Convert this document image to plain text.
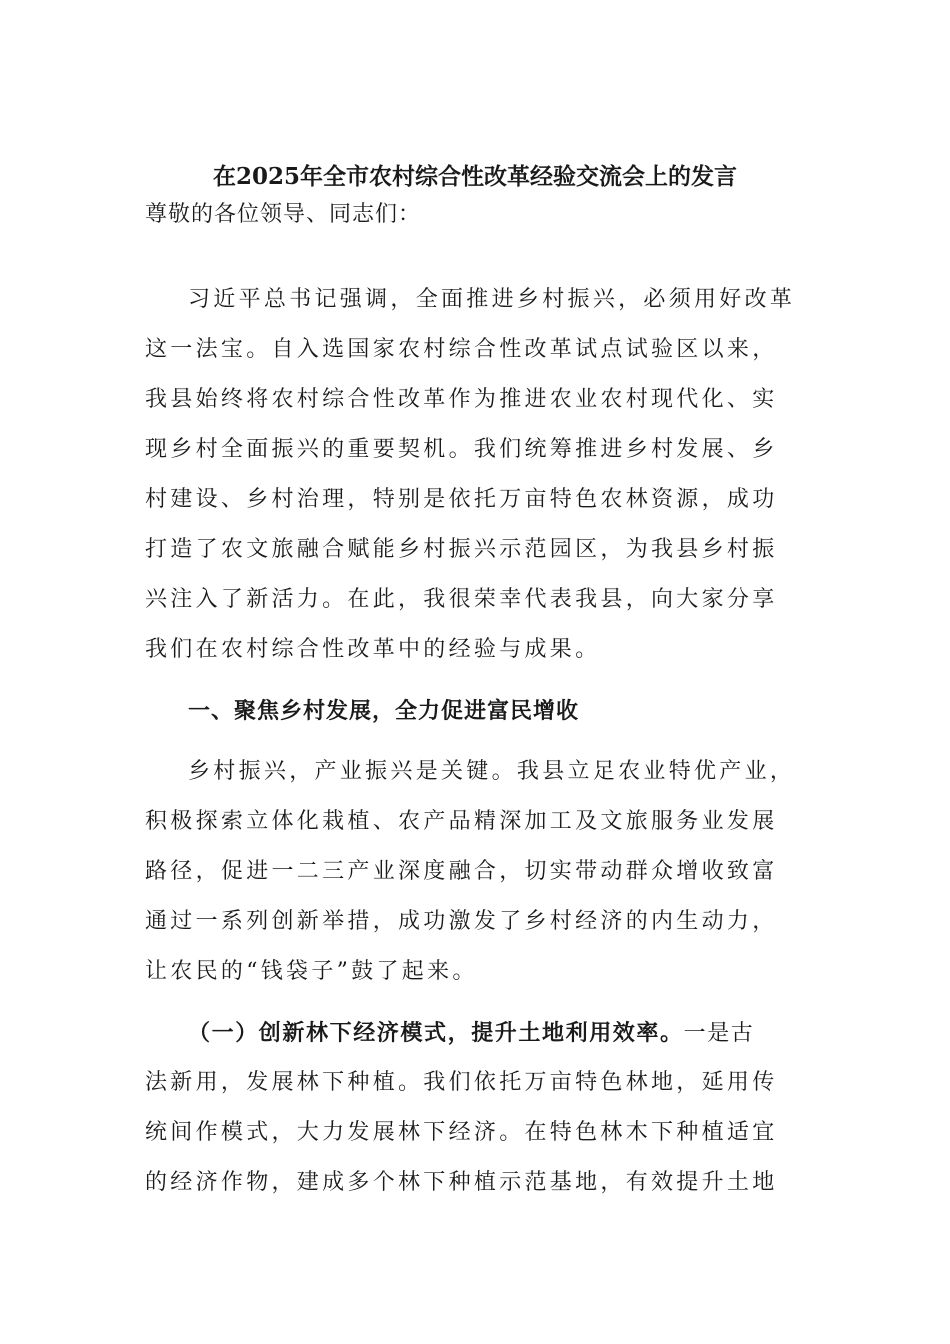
在2025年全市农村综合性改革经验交流会上的发言
尊敬的各位领导、同志们：
习近平总书记强调，全面推进乡村振兴，必须用好改革
这一法宝。自入选国家农村综合性改革试点试验区以来，
我县始终将农村综合性改革作为推进农业农村现代化、实
现乡村全面振兴的重要契机。我们统筹推进乡村发展、乡
村建设、乡村治理，特别是依托万亩特色农林资源，成功
打造了农文旅融合赋能乡村振兴示范园区，为我县乡村振
兴注入了新活力。在此，我很荣幸代表我县，向大家分享
我们在农村综合性改革中的经验与成果。
一、聚焦乡村发展，全力促进富民增收
乡村振兴，产业振兴是关键。我县立足农业特优产业，
积极探索立体化栽植、农产品精深加工及文旅服务业发展
路径，促进一二三产业深度融合，切实带动群众增收致富
通过一系列创新举措，成功激发了乡村经济的内生动力，
让农民的“钱袋子”鼓了起来。
（一）创新林下经济模式，提升土地利用效率。一是古
法新用，发展林下种植。我们依托万亩特色林地，延用传
统间作模式，大力发展林下经济。在特色林木下种植适宜
的经济作物，建成多个林下种植示范基地，有效提升土地
